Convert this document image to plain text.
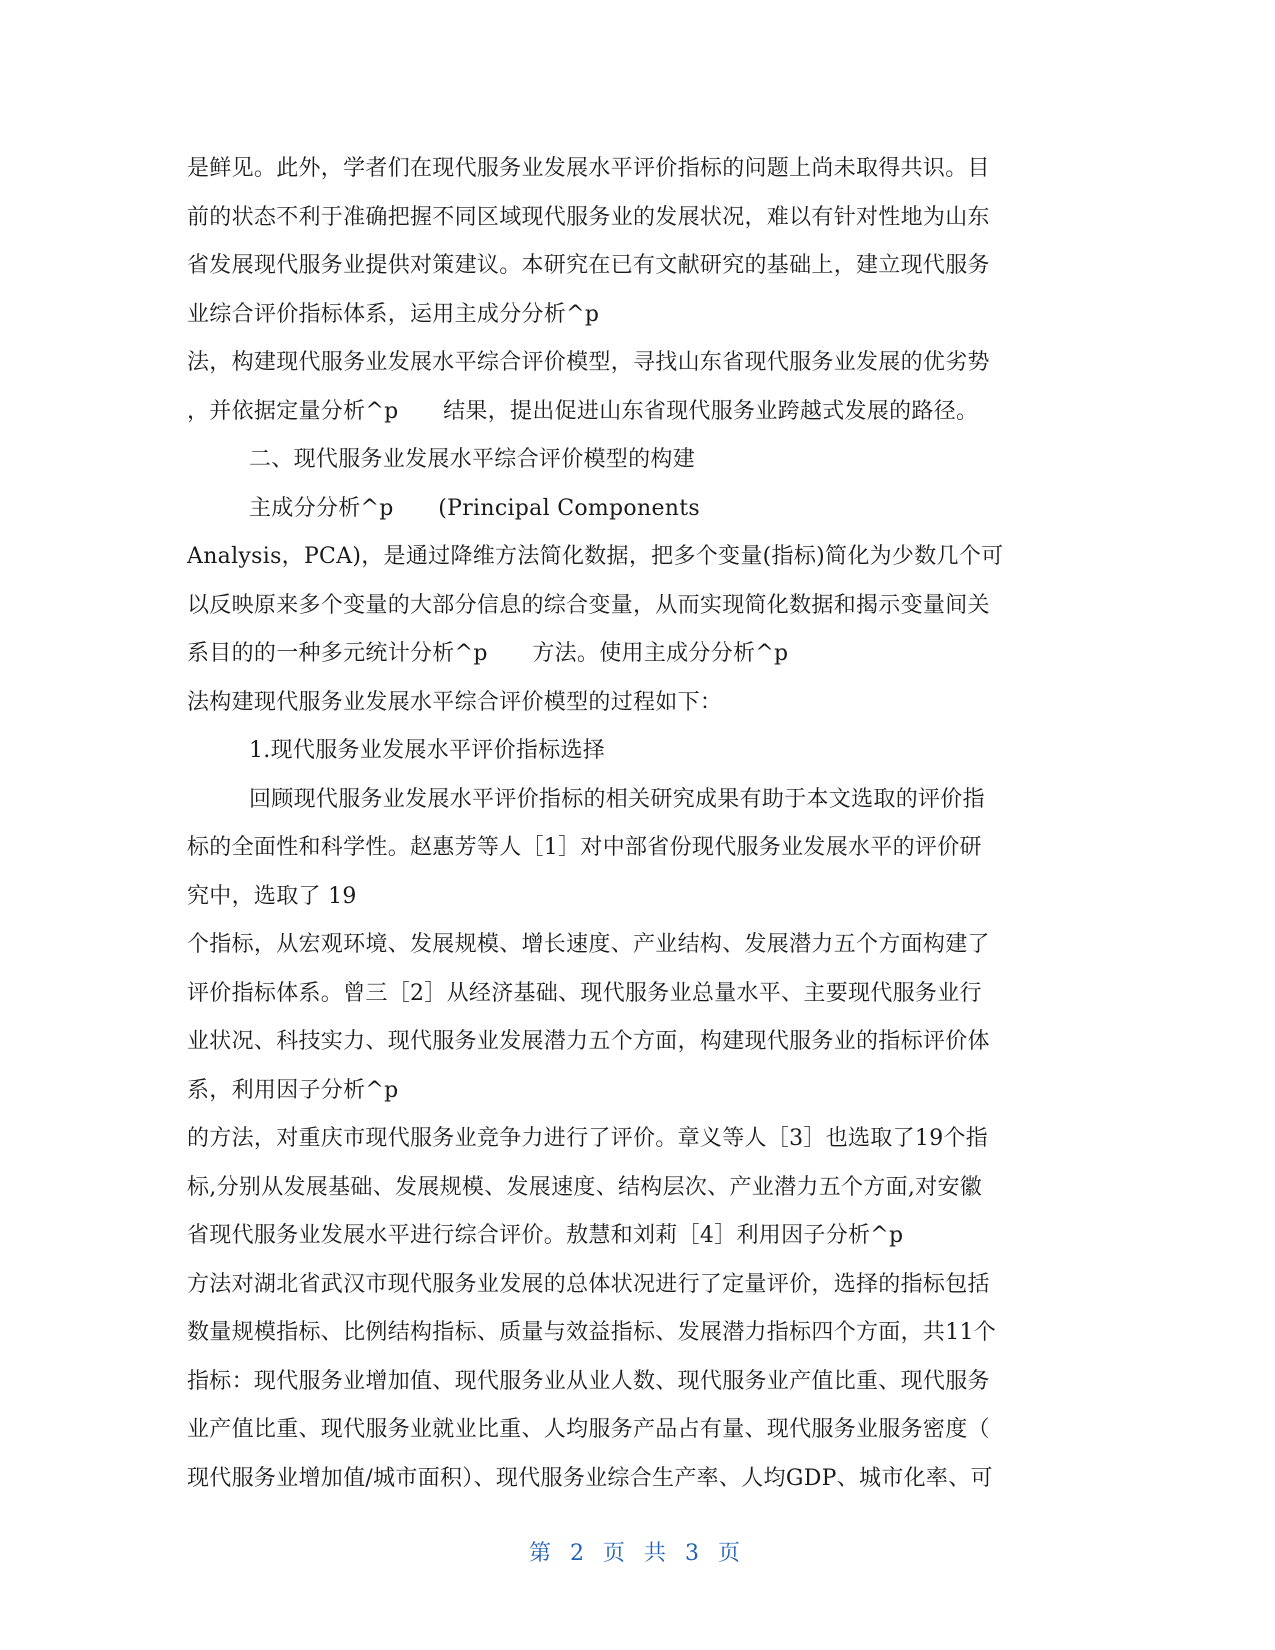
是鲜见。此外，学者们在现代服务业发展水平评价指标的问题上尚未取得共识。目
前的状态不利于准确把握不同区域现代服务业的发展状况，难以有针对性地为山东
省发展现代服务业提供对策建议。本研究在已有文献研究的基础上，建立现代服务
业综合评价指标体系，运用主成分分析^p
法，构建现代服务业发展水平综合评价模型，寻找山东省现代服务业发展的优劣势
，并依据定量分析^p　　结果，提出促进山东省现代服务业跨越式发展的路径。
二、现代服务业发展水平综合评价模型的构建
主成分分析^p　　(Principal Components
Analysis，PCA)，是通过降维方法简化数据，把多个变量(指标)简化为少数几个可
以反映原来多个变量的大部分信息的综合变量，从而实现简化数据和揭示变量间关
系目的的一种多元统计分析^p　　方法。使用主成分分析^p
法构建现代服务业发展水平综合评价模型的过程如下：
1.现代服务业发展水平评价指标选择
回顾现代服务业发展水平评价指标的相关研究成果有助于本文选取的评价指
标的全面性和科学性。赵惠芳等人［1］对中部省份现代服务业发展水平的评价研
究中，选取了 19
个指标，从宏观环境、发展规模、增长速度、产业结构、发展潜力五个方面构建了
评价指标体系。曾三［2］从经济基础、现代服务业总量水平、主要现代服务业行
业状况、科技实力、现代服务业发展潜力五个方面，构建现代服务业的指标评价体
系，利用因子分析^p
的方法，对重庆市现代服务业竞争力进行了评价。章义等人［3］也选取了19个指
标,分别从发展基础、发展规模、发展速度、结构层次、产业潜力五个方面,对安徽
省现代服务业发展水平进行综合评价。敖慧和刘莉［4］利用因子分析^p
方法对湖北省武汉市现代服务业发展的总体状况进行了定量评价，选择的指标包括
数量规模指标、比例结构指标、质量与效益指标、发展潜力指标四个方面，共11个
指标：现代服务业增加值、现代服务业从业人数、现代服务业产值比重、现代服务
业产值比重、现代服务业就业比重、人均服务产品占有量、现代服务业服务密度（
现代服务业增加值/城市面积）、现代服务业综合生产率、人均GDP、城市化率、可
第 2 页 共 3 页
